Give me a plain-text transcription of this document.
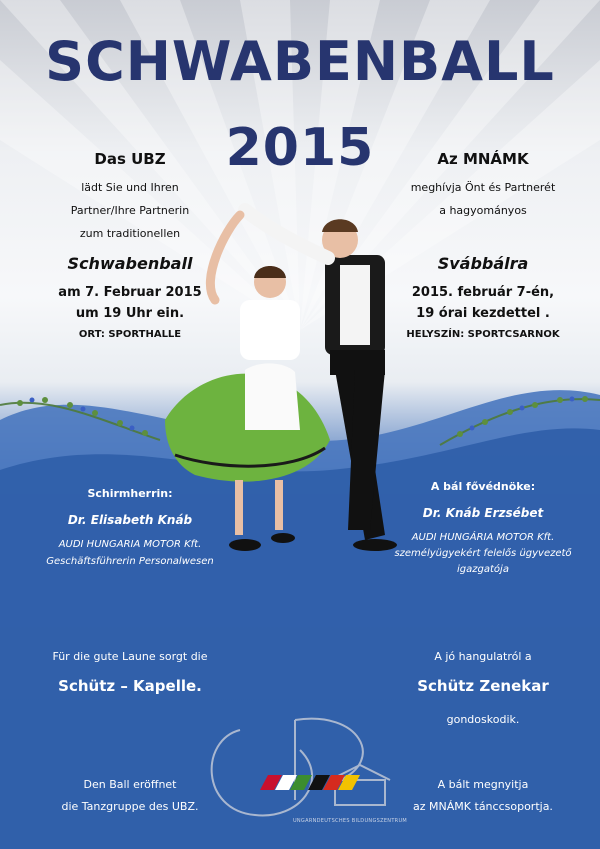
SCHWABENBALL
2015
Das UBZ
lädt Sie und Ihren
Partner/Ihre Partnerin
zum traditionellen
Schwabenball
am 7. Februar 2015
um 19 Uhr ein.
ORT: SPORTHALLE
Az MNÁMK
meghívja Önt és Partnerét
a hagyományos
Svábbálra
2015. február 7-én,
19 órai kezdettel .
HELYSZÍN: SPORTCSARNOK
Schirmherrin:
Dr. Elisabeth Knáb
AUDI HUNGARIA MOTOR Kft.
Geschäftsführerin Personalwesen
A bál fővédnöke:
Dr. Knáb Erzsébet
AUDI HUNGÁRIA MOTOR Kft.
személyügyekért felelős ügyvezető
igazgatója
Für die gute Laune sorgt die
Schütz – Kapelle.
A jó hangulatról a
Schütz Zenekar
gondoskodik.
Den Ball eröffnet
die Tanzgruppe des UBZ.
A bált megnyitja
az MNÁMK tánccsoportja.
UNGARNDEUTSCHES BILDUNGSZENTRUM
